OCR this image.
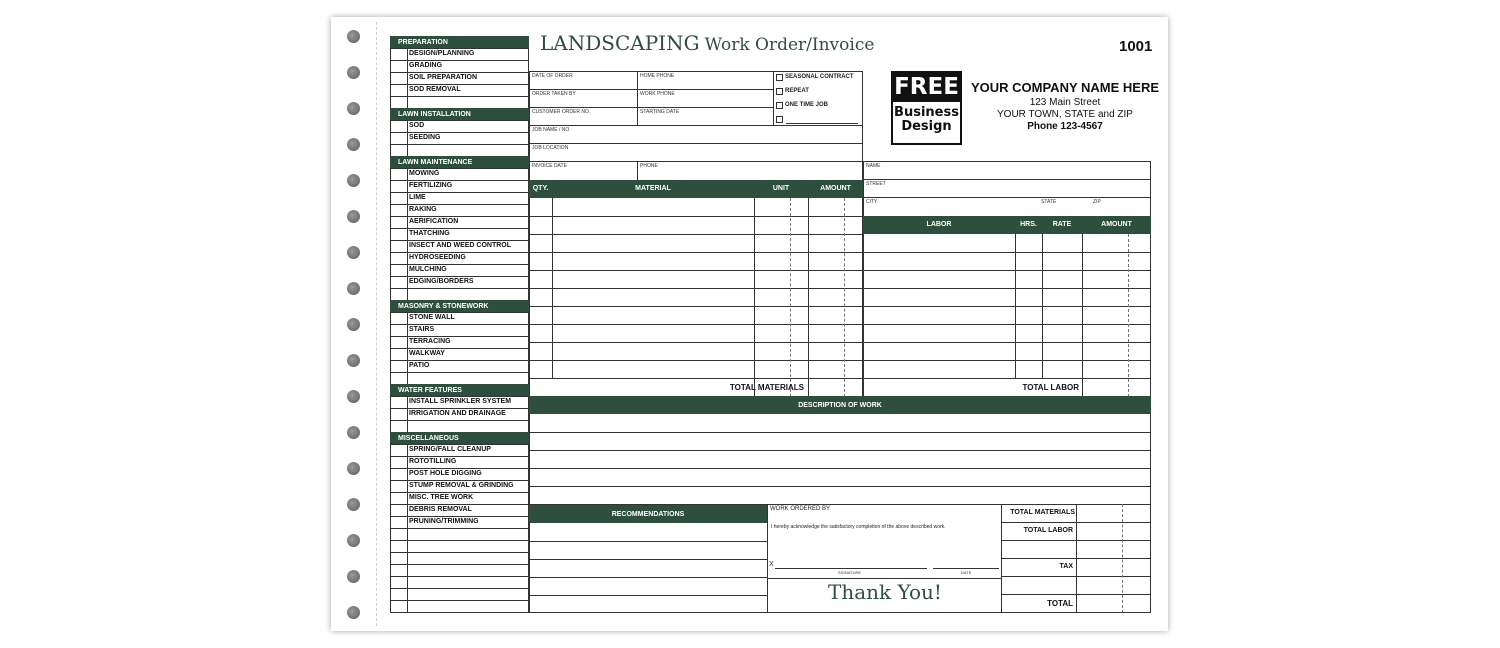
LANDSCAPING Work Order/Invoice	1001
PREPARATION
DESIGN/PLANNING
GRADING
SOIL PREPARATION
SOD REMOVAL
LAWN INSTALLATION
SOD
SEEDING
LAWN MAINTENANCE
MOWING
FERTILIZING
LIME
RAKING
AERIFICATION
THATCHING
INSECT AND WEED CONTROL
HYDROSEEDING
MULCHING
EDGING/BORDERS
MASONRY & STONEWORK
STONE WALL
STAIRS
TERRACING
WALKWAY
PATIO
WATER FEATURES
INSTALL SPRINKLER SYSTEM
IRRIGATION AND DRAINAGE
MISCELLANEOUS
SPRING/FALL CLEANUP
ROTOTILLING
POST HOLE DIGGING
STUMP REMOVAL & GRINDING
MISC. TREE WORK
DEBRIS REMOVAL
PRUNING/TRIMMING
DATE OF ORDER	HOME PHONE
ORDER TAKEN BY	WORK PHONE
CUSTOMER ORDER NO.	STARTING DATE
JOB NAME / NO.
JOB LOCATION
INVOICE DATE	PHONE
SEASONAL CONTRACT
REPEAT
ONE TIME JOB
FREE
Business
Design
YOUR COMPANY NAME HERE
123 Main Street
YOUR TOWN, STATE and ZIP
Phone 123-4567
NAME
STREET
CITY	STATE	ZIP
QTY.	MATERIAL	UNIT	AMOUNT
TOTAL MATERIALS
LABOR	HRS.	RATE	AMOUNT
TOTAL LABOR
DESCRIPTION OF WORK
RECOMMENDATIONS
WORK ORDERED BY
I hereby acknowledge the satisfactory completion of the above described work.
X
SIGNATURE	DATE
Thank You!
TOTAL MATERIALS
TOTAL LABOR
TAX
TOTAL
